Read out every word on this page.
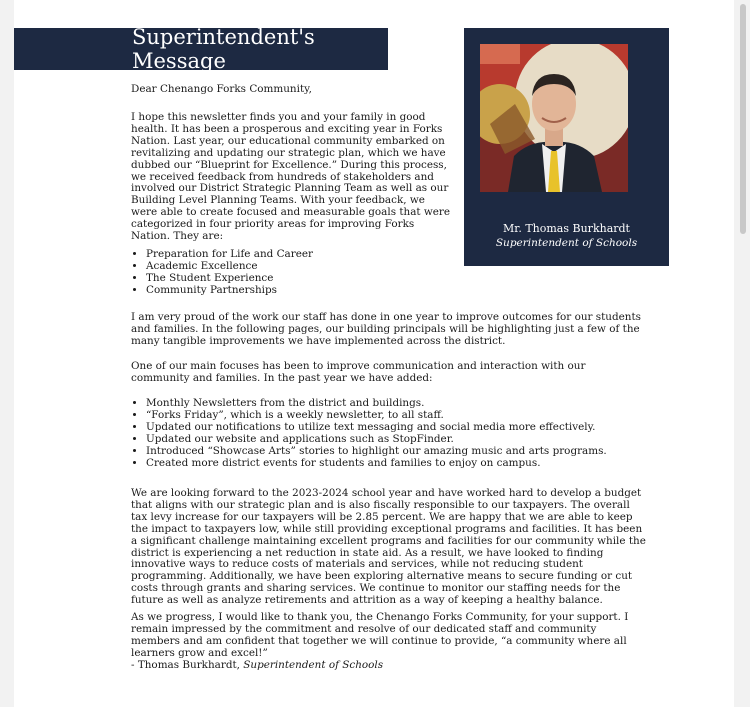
Superintendent's Message
Mr. Thomas Burkhardt
Superintendent of Schools

Dear Chenango Forks Community,

I hope this newsletter finds you and your family in good health. It has been a prosperous and exciting year in Forks Nation. Last year, our educational community embarked on revitalizing and updating our strategic plan, which we have dubbed our “Blueprint for Excellence.” During this process, we received feedback from hundreds of stakeholders and involved our District Strategic Planning Team as well as our Building Level Planning Teams. With your feedback, we were able to create focused and measurable goals that were categorized in four priority areas for improving Forks Nation. They are:

• Preparation for Life and Career
• Academic Excellence
• The Student Experience
• Community Partnerships

I am very proud of the work our staff has done in one year to improve outcomes for our students and families. In the following pages, our building principals will be highlighting just a few of the many tangible improvements we have implemented across the district.

One of our main focuses has been to improve communication and interaction with our community and families. In the past year we have added:

• Monthly Newsletters from the district and buildings.
• “Forks Friday”, which is a weekly newsletter, to all staff.
• Updated our notifications to utilize text messaging and social media more effectively.
• Updated our website and applications such as StopFinder.
• Introduced “Showcase Arts” stories to highlight our amazing music and arts programs.
• Created more district events for students and families to enjoy on campus.

We are looking forward to the 2023-2024 school year and have worked hard to develop a budget that aligns with our strategic plan and is also fiscally responsible to our taxpayers. The overall tax levy increase for our taxpayers will be 2.85 percent. We are happy that we are able to keep the impact to taxpayers low, while still providing exceptional programs and facilities. It has been a significant challenge maintaining excellent programs and facilities for our community while the district is experiencing a net reduction in state aid. As a result, we have looked to finding innovative ways to reduce costs of materials and services, while not reducing student programming. Additionally, we have been exploring alternative means to secure funding or cut costs through grants and sharing services. We continue to monitor our staffing needs for the future as well as analyze retirements and attrition as a way of keeping a healthy balance.

As we progress, I would like to thank you, the Chenango Forks Community, for your support. I remain impressed by the commitment and resolve of our dedicated staff and community members and am confident that together we will continue to provide, “a community where all learners grow and excel!”

- Thomas Burkhardt, Superintendent of Schools
